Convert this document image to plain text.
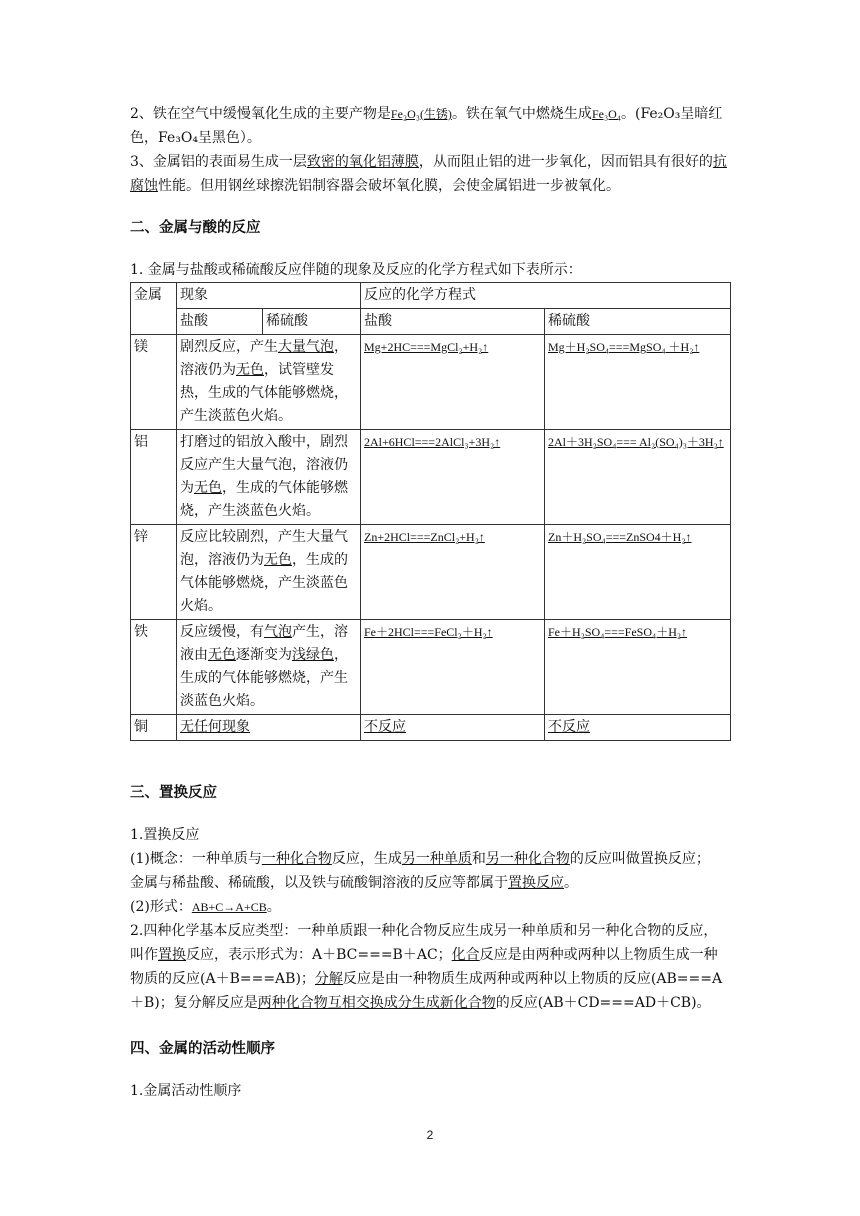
2、铁在空气中缓慢氧化生成的主要产物是Fe₂O₃(生锈)。铁在氧气中燃烧生成Fe₃O₄。(Fe₂O₃呈暗红色，Fe₃O₄呈黑色）。

3、金属铝的表面易生成一层致密的氧化铝薄膜，从而阻止铝的进一步氧化，因而铝具有很好的抗腐蚀性能。但用钢丝球擦洗铝制容器会破坏氧化膜，会使金属铝进一步被氧化。

二、金属与酸的反应

1. 金属与盐酸或稀硫酸反应伴随的现象及反应的化学方程式如下表所示：

金属	现象		反应的化学方程式	
	盐酸	稀硫酸	盐酸	稀硫酸
镁	剧烈反应，产生大量气泡，溶液仍为无色，试管壁发热，生成的气体能够燃烧，产生淡蓝色火焰。		Mg+2HC===MgCl₂+H₂↑	Mg＋H₂SO₄===MgSO₄ ＋H₂↑
铝	打磨过的铝放入酸中，剧烈反应产生大量气泡，溶液仍为无色，生成的气体能够燃烧，产生淡蓝色火焰。		2Al+6HCl===2AlCl₃+3H₂↑	2Al＋3H₂SO₄=== Al₂(SO₄)₃＋3H₂↑
锌	反应比较剧烈，产生大量气泡，溶液仍为无色，生成的气体能够燃烧，产生淡蓝色火焰。		Zn+2HCl===ZnCl₂+H₂↑	Zn＋H₂SO₄===ZnSO4＋H₂↑
铁	反应缓慢，有气泡产生，溶液由无色逐渐变为浅绿色，生成的气体能够燃烧，产生淡蓝色火焰。		Fe＋2HCl===FeCl₂＋H₂↑	Fe＋H₂SO₄===FeSO₄＋H₂↑
铜	无任何现象		不反应	不反应

三、置换反应

1.置换反应

(1)概念：一种单质与一种化合物反应，生成另一种单质和另一种化合物的反应叫做置换反应；

金属与稀盐酸、稀硫酸，以及铁与硫酸铜溶液的反应等都属于置换反应。

(2)形式：AB+C→A+CB。

2.四种化学基本反应类型：一种单质跟一种化合物反应生成另一种单质和另一种化合物的反应，叫作置换反应，表示形式为：A＋BC===B＋AC；化合反应是由两种或两种以上物质生成一种物质的反应(A＋B===AB)；分解反应是由一种物质生成两种或两种以上物质的反应(AB===A＋B)；复分解反应是两种化合物互相交换成分生成新化合物的反应(AB＋CD===AD＋CB)。

四、金属的活动性顺序

1.金属活动性顺序

2
